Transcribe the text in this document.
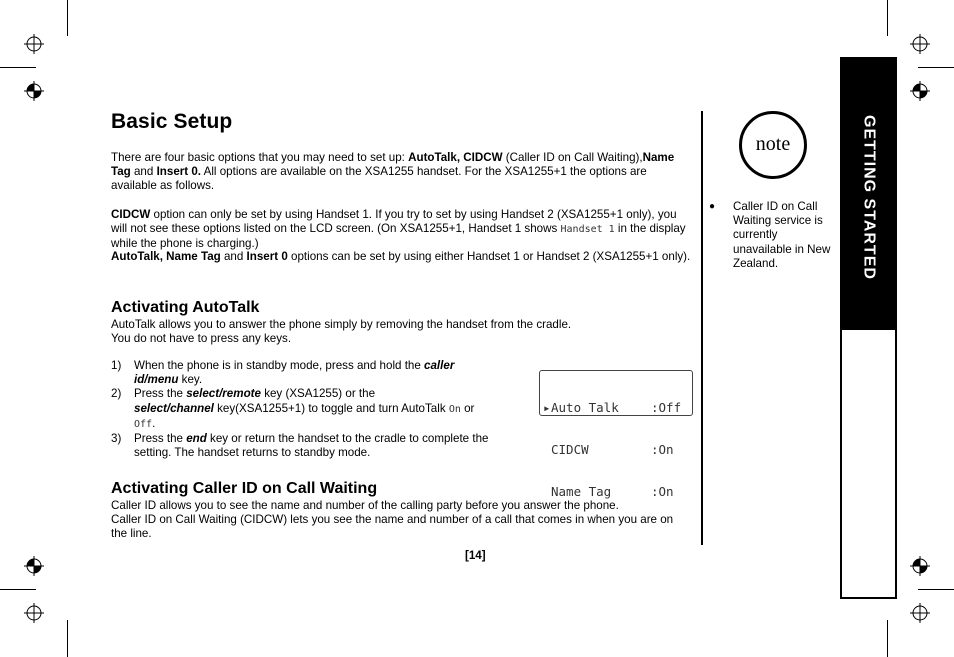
Basic Setup
There are four basic options that you may need to set up: AutoTalk, CIDCW (Caller ID on Call Waiting),Name Tag and Insert 0. All options are available on the XSA1255 handset. For the XSA1255+1 the options are available as follows.
CIDCW option can only be set by using Handset 1. If you try to set by using Handset 2 (XSA1255+1 only), you will not see these options listed on the LCD screen. (On XSA1255+1, Handset 1 shows Handset 1 in the display while the phone is charging.)
AutoTalk, Name Tag and Insert 0 options can be set by using either Handset 1 or Handset 2 (XSA1255+1 only).
Activating AutoTalk
AutoTalk allows you to answer the phone simply by removing the handset from the cradle.
You do not have to press any keys.
1) When the phone is in standby mode, press and hold the caller id/menu key.
2) Press the select/remote key (XSA1255) or the
select/channel key(XSA1255+1) to toggle and turn AutoTalk On or Off.
3) Press the end key or return the handset to the cradle to complete the setting. The handset returns to standby mode.

▸Auto Talk	:Off

CIDCW	:On

Name Tag	:On

Activating Caller ID on Call Waiting
Caller ID allows you to see the name and number of the calling party before you answer the phone.
Caller ID on Call Waiting (CIDCW) lets you see the name and number of a call that comes in when you are on the line.
[14]
note
● Caller ID on Call Waiting service is currently unavailable in New Zealand.	GETTING STARTED
